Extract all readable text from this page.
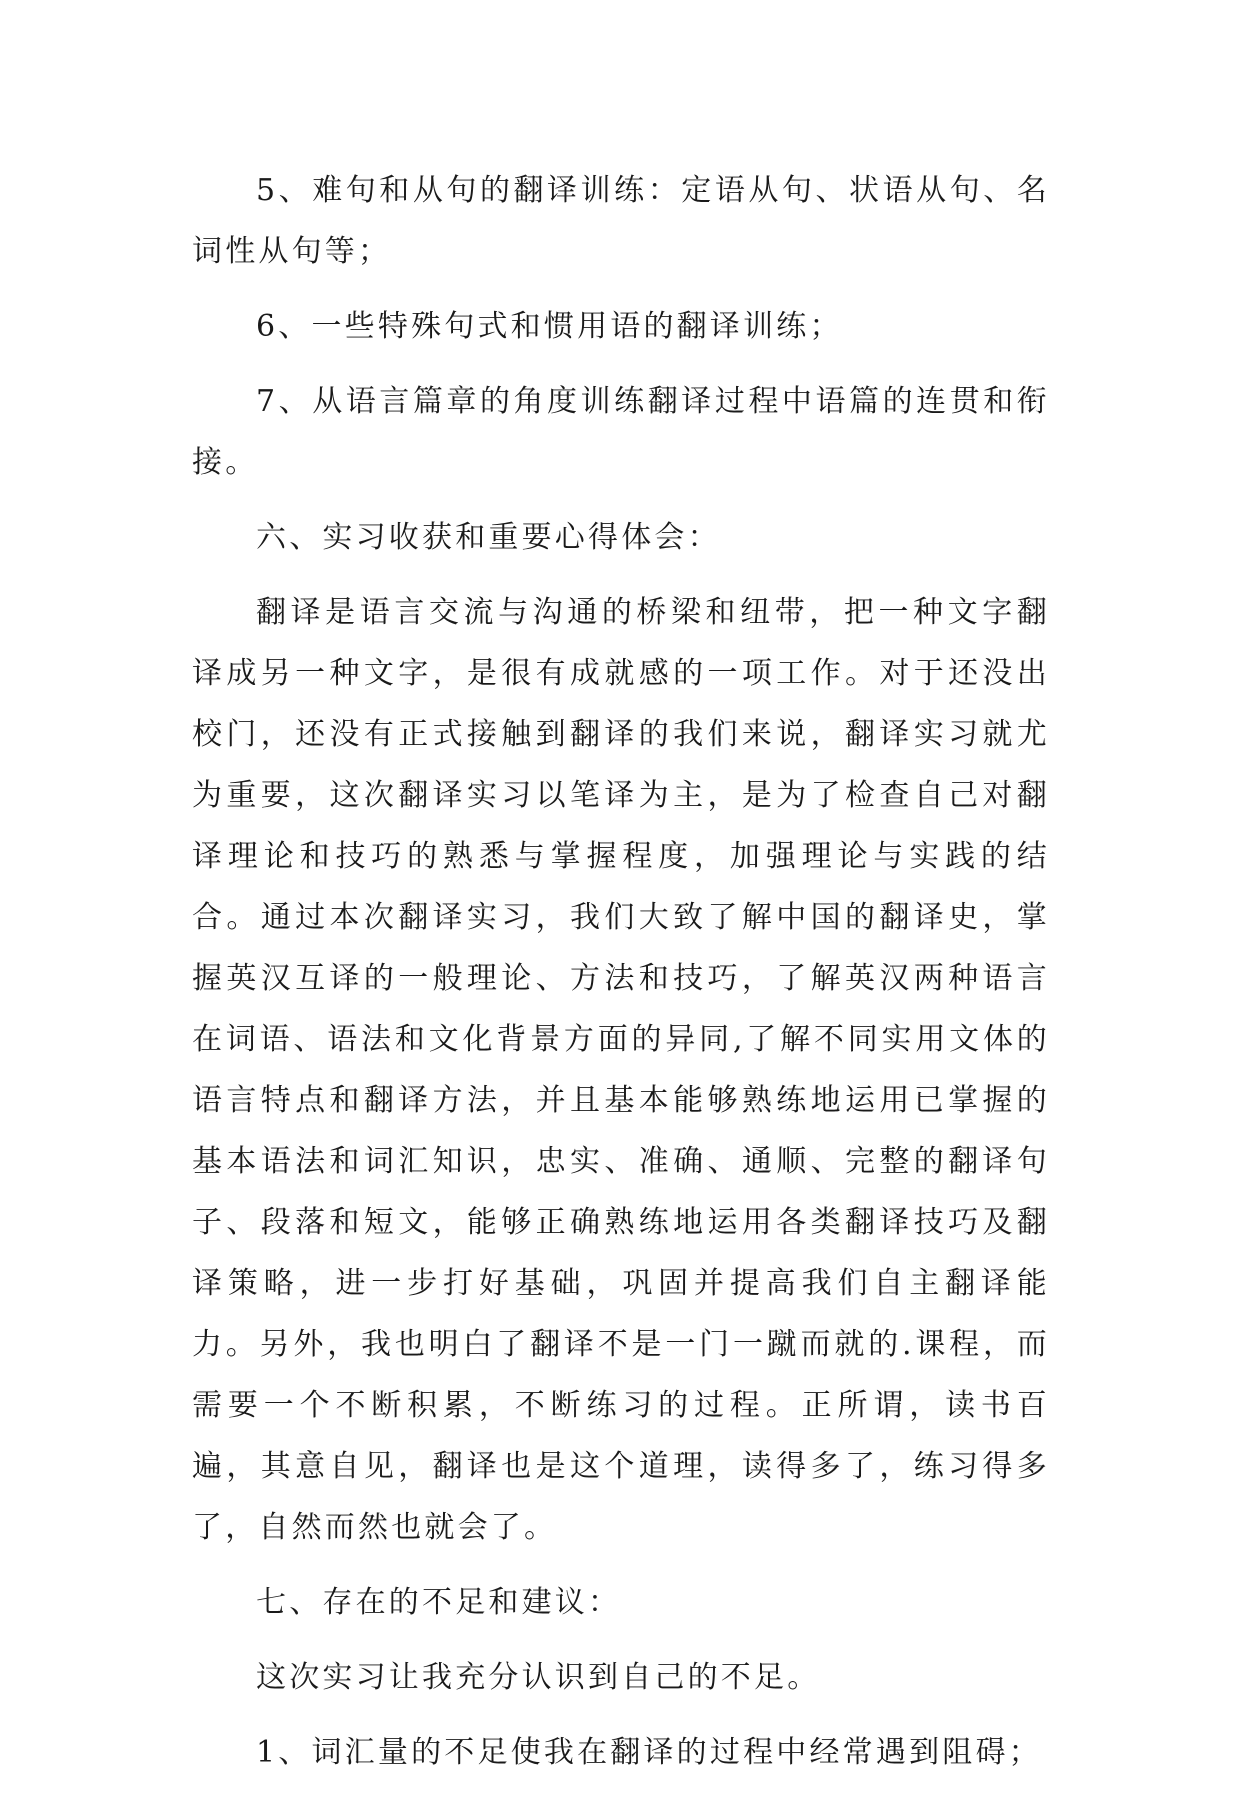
5、难句和从句的翻译训练：定语从句、状语从句、名词性从句等；

6、一些特殊句式和惯用语的翻译训练；

7、从语言篇章的角度训练翻译过程中语篇的连贯和衔接。

六、实习收获和重要心得体会：

翻译是语言交流与沟通的桥梁和纽带，把一种文字翻译成另一种文字，是很有成就感的一项工作。对于还没出校门，还没有正式接触到翻译的我们来说，翻译实习就尤为重要，这次翻译实习以笔译为主，是为了检查自己对翻译理论和技巧的熟悉与掌握程度，加强理论与实践的结合。通过本次翻译实习，我们大致了解中国的翻译史，掌握英汉互译的一般理论、方法和技巧，了解英汉两种语言在词语、语法和文化背景方面的异同,了解不同实用文体的语言特点和翻译方法，并且基本能够熟练地运用已掌握的基本语法和词汇知识，忠实、准确、通顺、完整的翻译句子、段落和短文，能够正确熟练地运用各类翻译技巧及翻译策略，进一步打好基础，巩固并提高我们自主翻译能力。另外，我也明白了翻译不是一门一蹴而就的.课程，而需要一个不断积累，不断练习的过程。正所谓，读书百遍，其意自见，翻译也是这个道理，读得多了，练习得多了，自然而然也就会了。

七、存在的不足和建议：

这次实习让我充分认识到自己的不足。

1、词汇量的不足使我在翻译的过程中经常遇到阻碍；
